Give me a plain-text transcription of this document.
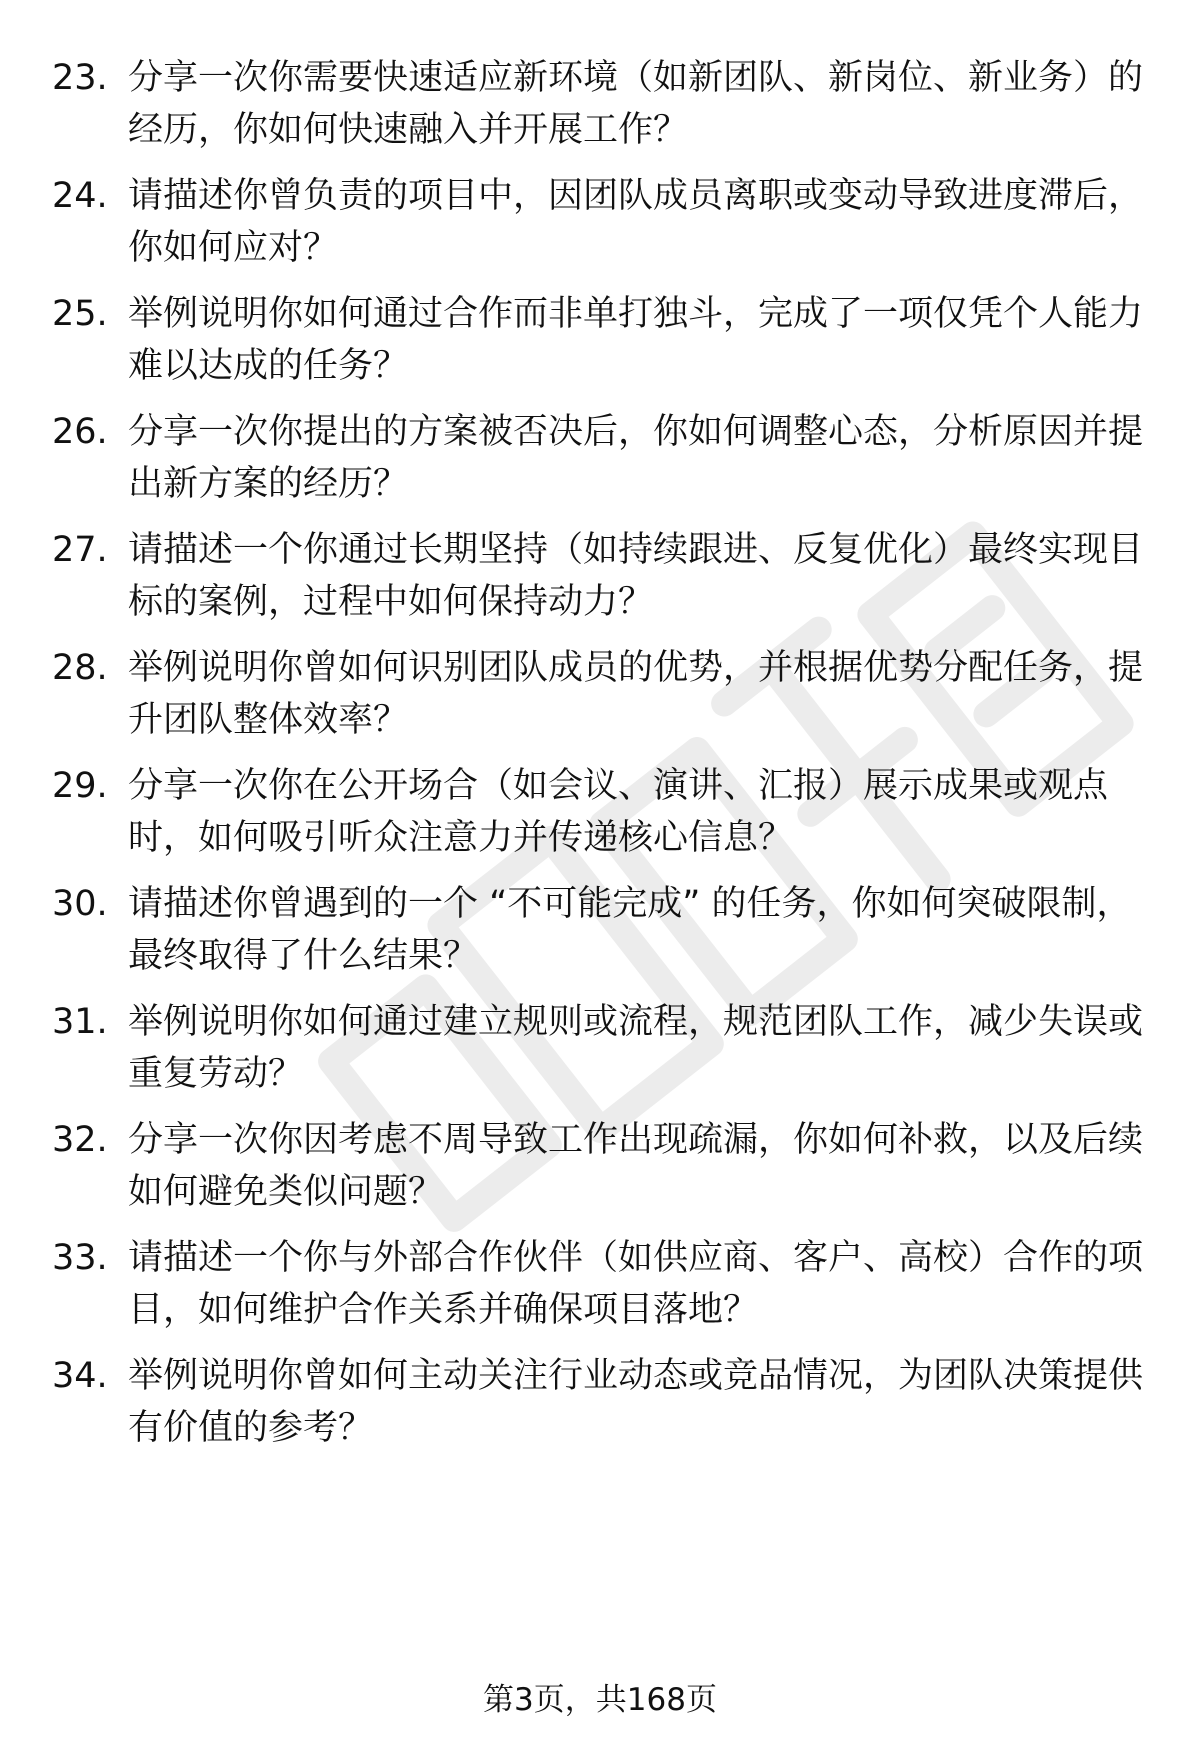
23. 分享一次你需要快速适应新环境（如新团队、新岗位、新业务）的经历，你如何快速融入并开展工作？
24. 请描述你曾负责的项目中，因团队成员离职或变动导致进度滞后，你如何应对？
25. 举例说明你如何通过合作而非单打独斗，完成了一项仅凭个人能力难以达成的任务？
26. 分享一次你提出的方案被否决后，你如何调整心态，分析原因并提出新方案的经历？
27. 请描述一个你通过长期坚持（如持续跟进、反复优化）最终实现目标的案例，过程中如何保持动力？
28. 举例说明你曾如何识别团队成员的优势，并根据优势分配任务，提升团队整体效率？
29. 分享一次你在公开场合（如会议、演讲、汇报）展示成果或观点时，如何吸引听众注意力并传递核心信息？
30. 请描述你曾遇到的一个 “不可能完成” 的任务，你如何突破限制，最终取得了什么结果？
31. 举例说明你如何通过建立规则或流程，规范团队工作，减少失误或重复劳动？
32. 分享一次你因考虑不周导致工作出现疏漏，你如何补救，以及后续如何避免类似问题？
33. 请描述一个你与外部合作伙伴（如供应商、客户、高校）合作的项目，如何维护合作关系并确保项目落地？
34. 举例说明你曾如何主动关注行业动态或竞品情况，为团队决策提供有价值的参考？
第3页，共168页
